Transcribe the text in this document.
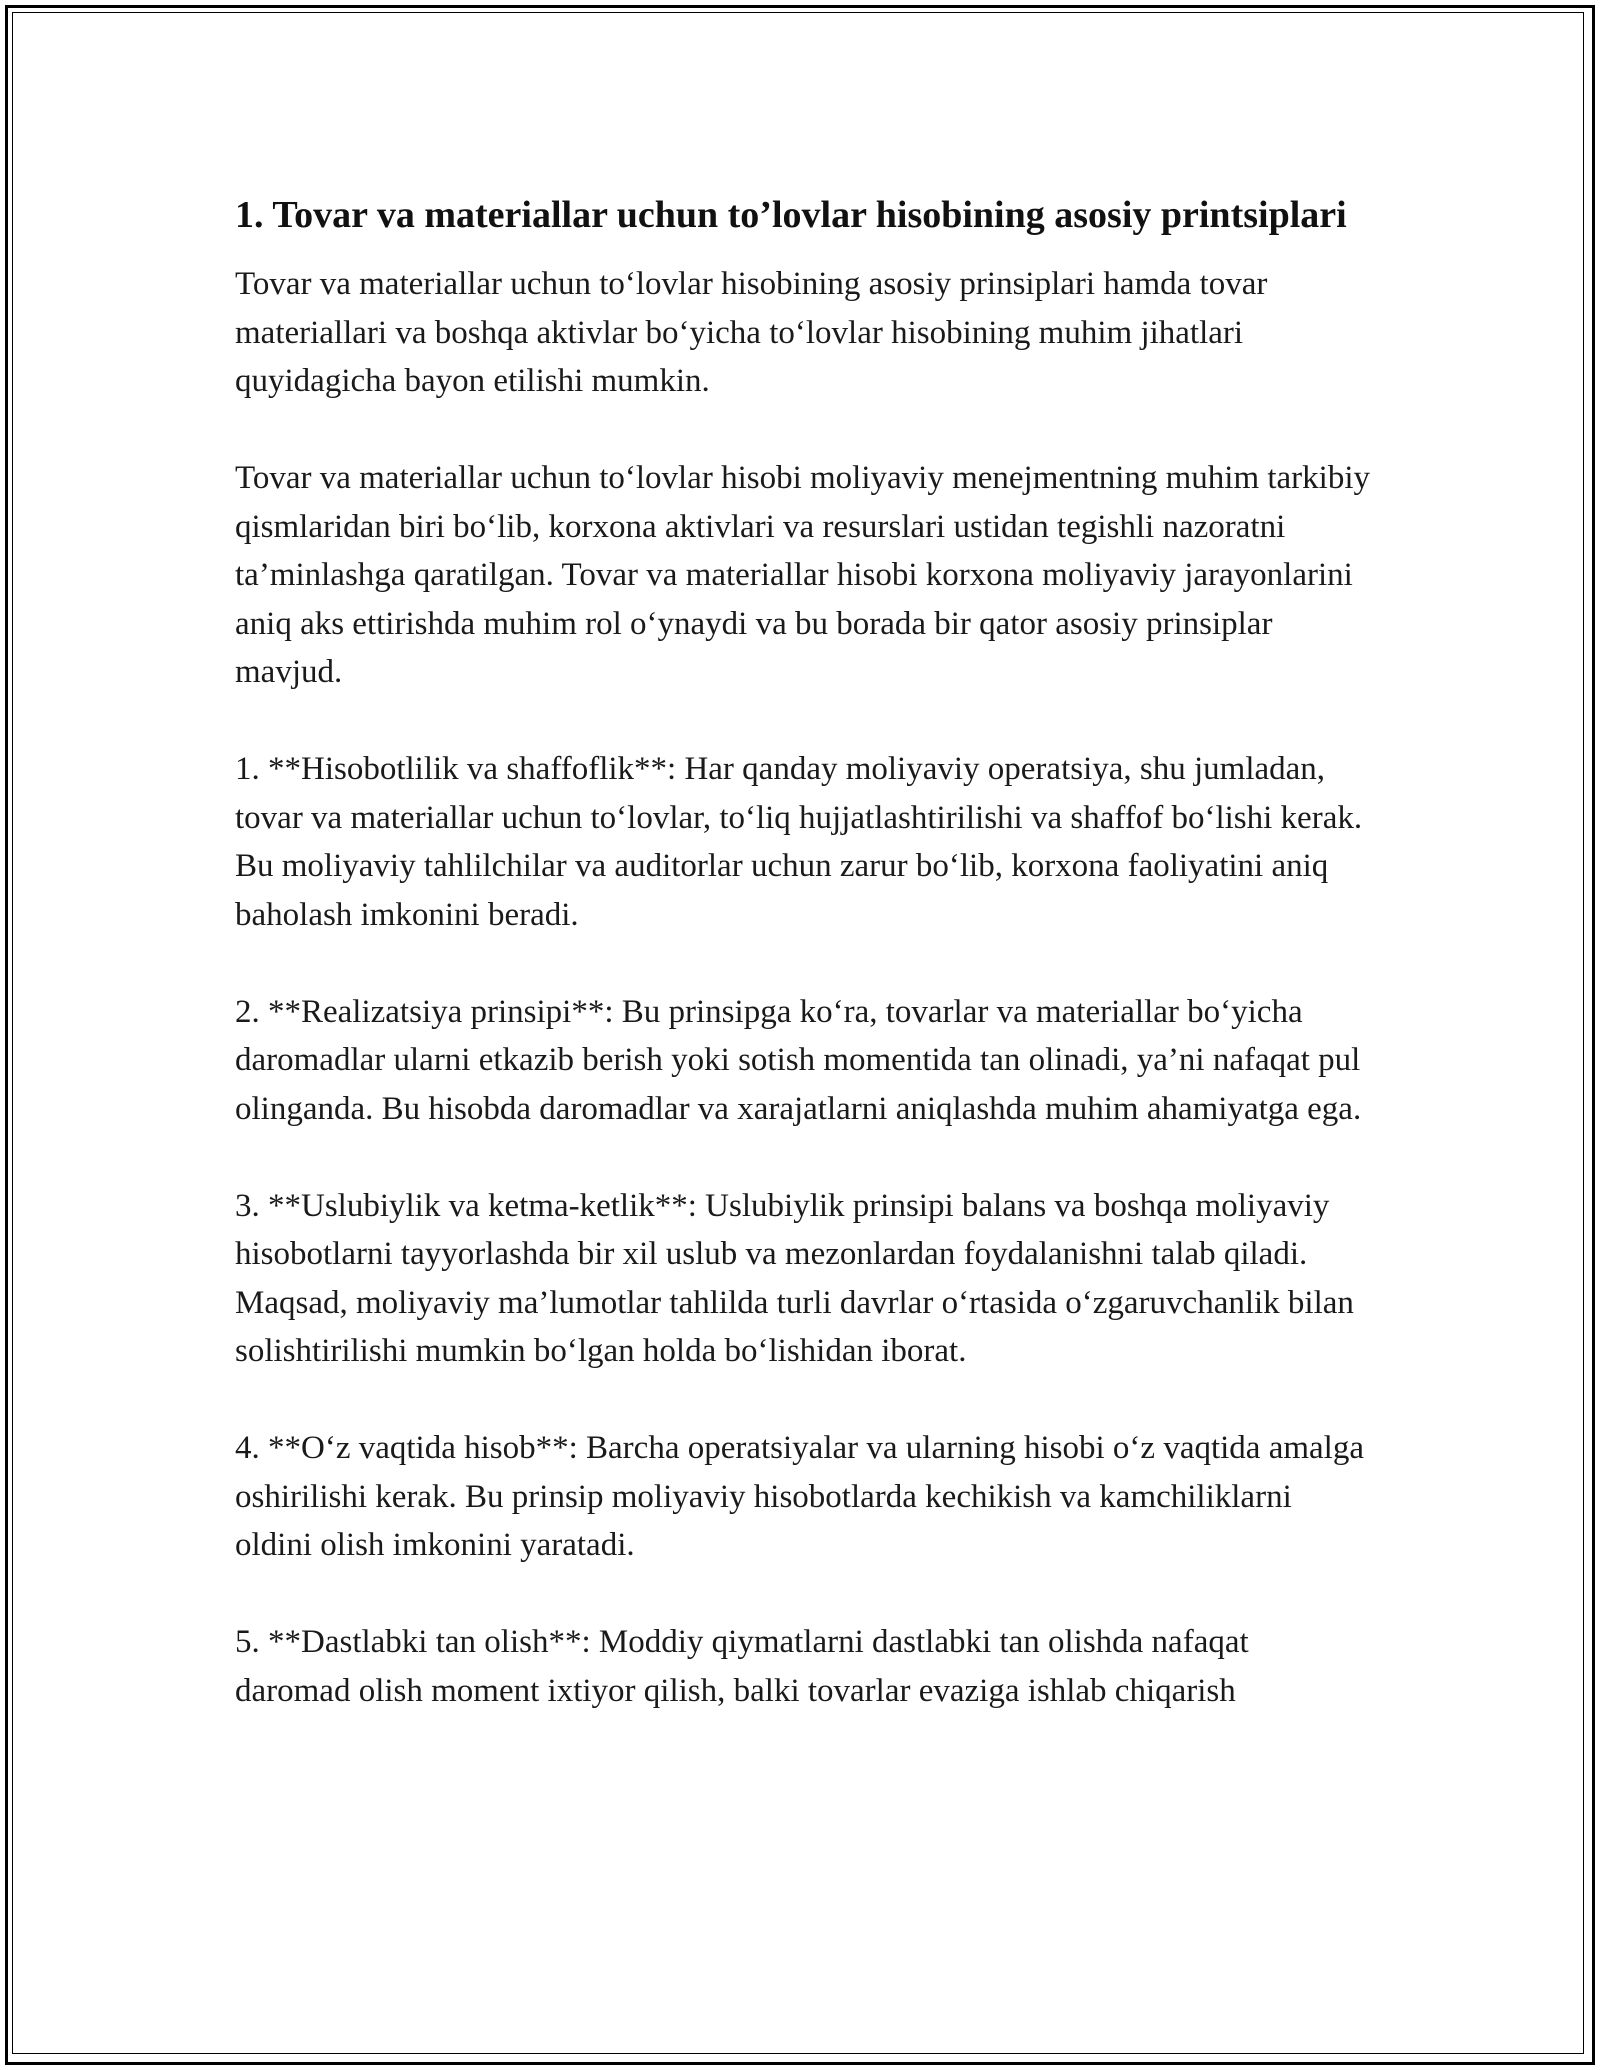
1. Tovar va materiallar uchun to’lovlar hisobining asosiy printsiplari

Tovar va materiallar uchun to‘lovlar hisobining asosiy prinsiplari hamda tovar materiallari va boshqa aktivlar bo‘yicha to‘lovlar hisobining muhim jihatlari quyidagicha bayon etilishi mumkin.

Tovar va materiallar uchun to‘lovlar hisobi moliyaviy menejmentning muhim tarkibiy qismlaridan biri bo‘lib, korxona aktivlari va resurslari ustidan tegishli nazoratni ta’minlashga qaratilgan. Tovar va materiallar hisobi korxona moliyaviy jarayonlarini aniq aks ettirishda muhim rol o‘ynaydi va bu borada bir qator asosiy prinsiplar mavjud.

1. **Hisobotlilik va shaffoflik**: Har qanday moliyaviy operatsiya, shu jumladan, tovar va materiallar uchun to‘lovlar, to‘liq hujjatlashtirilishi va shaffof bo‘lishi kerak. Bu moliyaviy tahlilchilar va auditorlar uchun zarur bo‘lib, korxona faoliyatini aniq baholash imkonini beradi.

2. **Realizatsiya prinsipi**: Bu prinsipga ko‘ra, tovarlar va materiallar bo‘yicha daromadlar ularni etkazib berish yoki sotish momentida tan olinadi, ya’ni nafaqat pul olinganda. Bu hisobda daromadlar va xarajatlarni aniqlashda muhim ahamiyatga ega.

3. **Uslubiylik va ketma-ketlik**: Uslubiylik prinsipi balans va boshqa moliyaviy hisobotlarni tayyorlashda bir xil uslub va mezonlardan foydalanishni talab qiladi. Maqsad, moliyaviy ma’lumotlar tahlilda turli davrlar o‘rtasida o‘zgaruvchanlik bilan solishtirilishi mumkin bo‘lgan holda bo‘lishidan iborat.

4. **O‘z vaqtida hisob**: Barcha operatsiyalar va ularning hisobi o‘z vaqtida amalga oshirilishi kerak. Bu prinsip moliyaviy hisobotlarda kechikish va kamchiliklarni oldini olish imkonini yaratadi.

5. **Dastlabki tan olish**: Moddiy qiymatlarni dastlabki tan olishda nafaqat daromad olish moment ixtiyor qilish, balki tovarlar evaziga ishlab chiqarish
